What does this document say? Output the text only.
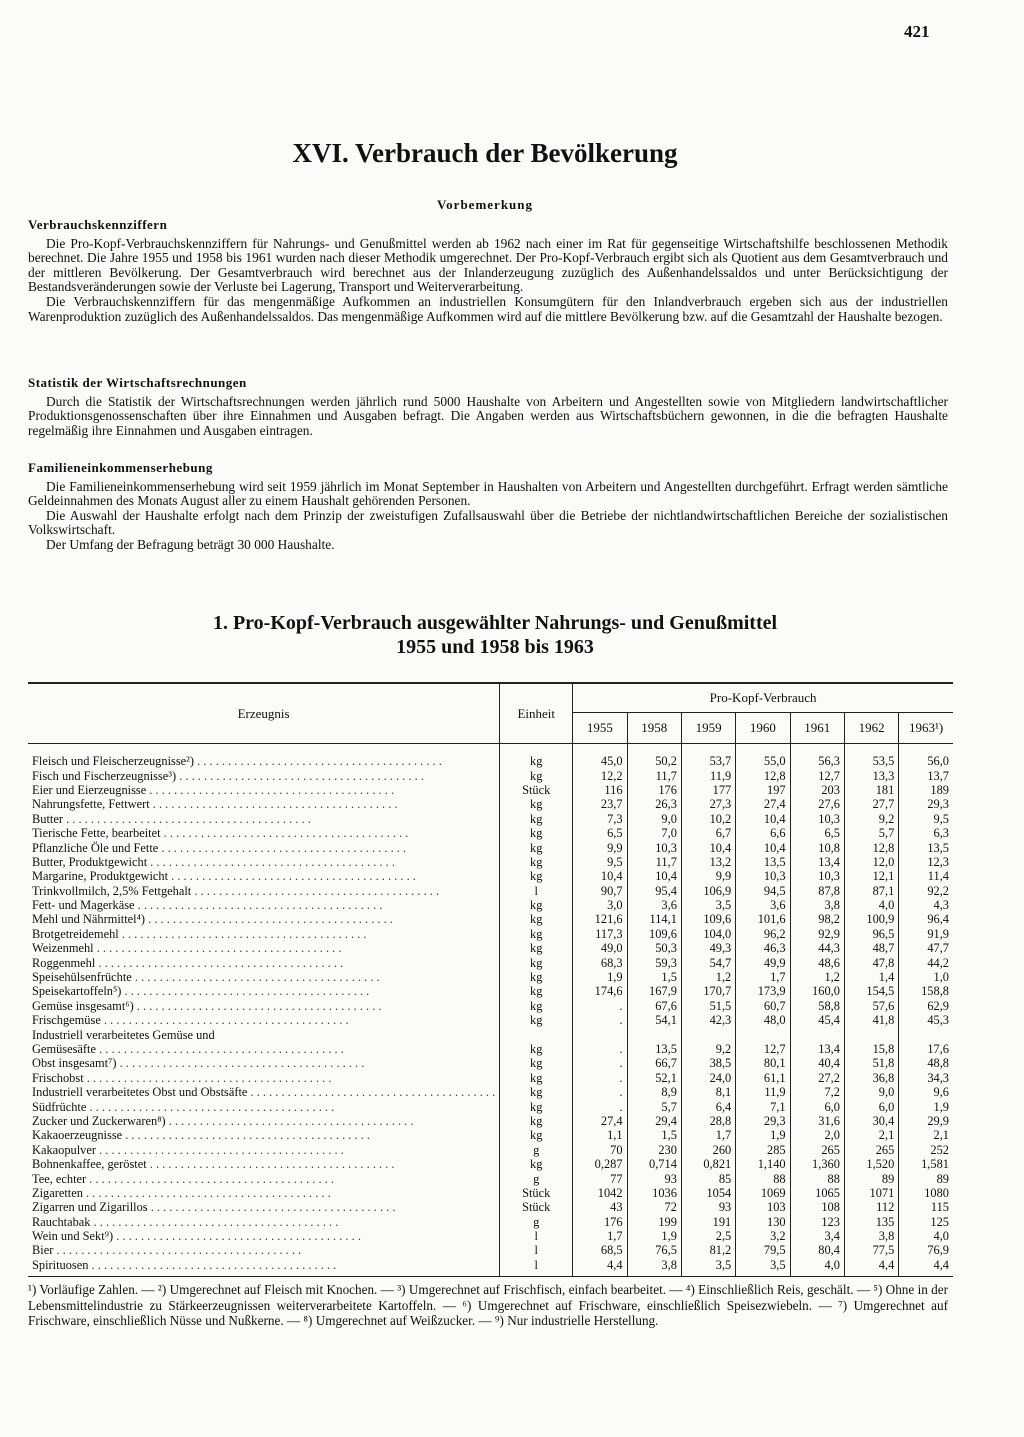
421
XVI. Verbrauch der Bevölkerung
Vorbemerkung
Verbrauchskennziffern

Die Pro-Kopf-Verbrauchskennziffern für Nahrungs- und Genußmittel werden ab 1962 nach einer im Rat für gegenseitige Wirtschaftshilfe beschlossenen Methodik berechnet. Die Jahre 1955 und 1958 bis 1961 wurden nach dieser Methodik umgerechnet. Der Pro-Kopf-Verbrauch ergibt sich als Quotient aus dem Gesamtverbrauch und der mittleren Bevölkerung. Der Gesamtverbrauch wird berechnet aus der Inlanderzeugung zuzüglich des Außenhandelssaldos und unter Berücksichtigung der Bestandsveränderungen sowie der Verluste bei Lagerung, Transport und Weiterverarbeitung.

Die Verbrauchskennziffern für das mengenmäßige Aufkommen an industriellen Konsumgütern für den Inlandverbrauch ergeben sich aus der industriellen Warenproduktion zuzüglich des Außenhandelssaldos. Das mengenmäßige Aufkommen wird auf die mittlere Bevölkerung bzw. auf die Gesamtzahl der Haushalte bezogen.

Statistik der Wirtschaftsrechnungen

Durch die Statistik der Wirtschaftsrechnungen werden jährlich rund 5000 Haushalte von Arbeitern und Angestellten sowie von Mitgliedern landwirtschaftlicher Produktionsgenossenschaften über ihre Einnahmen und Ausgaben befragt. Die Angaben werden aus Wirtschaftsbüchern gewonnen, in die die befragten Haushalte regelmäßig ihre Einnahmen und Ausgaben eintragen.

Familieneinkommenserhebung

Die Familieneinkommenserhebung wird seit 1959 jährlich im Monat September in Haushalten von Arbeitern und Angestellten durchgeführt. Erfragt werden sämtliche Geldeinnahmen des Monats August aller zu einem Haushalt gehörenden Personen.

Die Auswahl der Haushalte erfolgt nach dem Prinzip der zweistufigen Zufallsauswahl über die Betriebe der nichtlandwirtschaftlichen Bereiche der sozialistischen Volkswirtschaft.

Der Umfang der Befragung beträgt 30 000 Haushalte.

1. Pro-Kopf-Verbrauch ausgewählter Nahrungs- und Genußmittel
1955 und 1958 bis 1963
Erzeugnis	Einheit	Pro-Kopf-Verbrauch						
		1955	1958	1959	1960	1961	1962	1963¹)
Fleisch und Fleischerzeugnisse²) . . . . . . . . . . . . . . . . . . . . . . . . . . . . . . . . . . . . . . . .	kg	45,0	50,2	53,7	55,0	56,3	53,5	56,0
Fisch und Fischerzeugnisse³) . . . . . . . . . . . . . . . . . . . . . . . . . . . . . . . . . . . . . . . .	kg	12,2	11,7	11,9	12,8	12,7	13,3	13,7
Eier und Eierzeugnisse . . . . . . . . . . . . . . . . . . . . . . . . . . . . . . . . . . . . . . . .	Stück	116	176	177	197	203	181	189
Nahrungsfette, Fettwert . . . . . . . . . . . . . . . . . . . . . . . . . . . . . . . . . . . . . . . .	kg	23,7	26,3	27,3	27,4	27,6	27,7	29,3
Butter . . . . . . . . . . . . . . . . . . . . . . . . . . . . . . . . . . . . . . . .	kg	7,3	9,0	10,2	10,4	10,3	9,2	9,5
Tierische Fette, bearbeitet . . . . . . . . . . . . . . . . . . . . . . . . . . . . . . . . . . . . . . . .	kg	6,5	7,0	6,7	6,6	6,5	5,7	6,3
Pflanzliche Öle und Fette . . . . . . . . . . . . . . . . . . . . . . . . . . . . . . . . . . . . . . . .	kg	9,9	10,3	10,4	10,4	10,8	12,8	13,5
Butter, Produktgewicht . . . . . . . . . . . . . . . . . . . . . . . . . . . . . . . . . . . . . . . .	kg	9,5	11,7	13,2	13,5	13,4	12,0	12,3
Margarine, Produktgewicht . . . . . . . . . . . . . . . . . . . . . . . . . . . . . . . . . . . . . . . .	kg	10,4	10,4	9,9	10,3	10,3	12,1	11,4
Trinkvollmilch, 2,5% Fettgehalt . . . . . . . . . . . . . . . . . . . . . . . . . . . . . . . . . . . . . . . .	l	90,7	95,4	106,9	94,5	87,8	87,1	92,2
Fett- und Magerkäse . . . . . . . . . . . . . . . . . . . . . . . . . . . . . . . . . . . . . . . .	kg	3,0	3,6	3,5	3,6	3,8	4,0	4,3
Mehl und Nährmittel⁴) . . . . . . . . . . . . . . . . . . . . . . . . . . . . . . . . . . . . . . . .	kg	121,6	114,1	109,6	101,6	98,2	100,9	96,4
Brotgetreidemehl . . . . . . . . . . . . . . . . . . . . . . . . . . . . . . . . . . . . . . . .	kg	117,3	109,6	104,0	96,2	92,9	96,5	91,9
Weizenmehl . . . . . . . . . . . . . . . . . . . . . . . . . . . . . . . . . . . . . . . .	kg	49,0	50,3	49,3	46,3	44,3	48,7	47,7
Roggenmehl . . . . . . . . . . . . . . . . . . . . . . . . . . . . . . . . . . . . . . . .	kg	68,3	59,3	54,7	49,9	48,6	47,8	44,2
Speisehülsenfrüchte . . . . . . . . . . . . . . . . . . . . . . . . . . . . . . . . . . . . . . . .	kg	1,9	1,5	1,2	1,7	1,2	1,4	1,0
Speisekartoffeln⁵) . . . . . . . . . . . . . . . . . . . . . . . . . . . . . . . . . . . . . . . .	kg	174,6	167,9	170,7	173,9	160,0	154,5	158,8
Gemüse insgesamt⁶) . . . . . . . . . . . . . . . . . . . . . . . . . . . . . . . . . . . . . . . .	kg	.	67,6	51,5	60,7	58,8	57,6	62,9
Frischgemüse . . . . . . . . . . . . . . . . . . . . . . . . . . . . . . . . . . . . . . . .	kg	.	54,1	42,3	48,0	45,4	41,8	45,3
Industriell verarbeitetes Gemüse und								
Gemüsesäfte . . . . . . . . . . . . . . . . . . . . . . . . . . . . . . . . . . . . . . . .	kg	.	13,5	9,2	12,7	13,4	15,8	17,6
Obst insgesamt⁷) . . . . . . . . . . . . . . . . . . . . . . . . . . . . . . . . . . . . . . . .	kg	.	66,7	38,5	80,1	40,4	51,8	48,8
Frischobst . . . . . . . . . . . . . . . . . . . . . . . . . . . . . . . . . . . . . . . .	kg	.	52,1	24,0	61,1	27,2	36,8	34,3
Industriell verarbeitetes Obst und Obstsäfte . . . . . . . . . . . . . . . . . . . . . . . . . . . . . . . . . . . . . . . .	kg	.	8,9	8,1	11,9	7,2	9,0	9,6
Südfrüchte . . . . . . . . . . . . . . . . . . . . . . . . . . . . . . . . . . . . . . . .	kg	.	5,7	6,4	7,1	6,0	6,0	1,9
Zucker und Zuckerwaren⁸) . . . . . . . . . . . . . . . . . . . . . . . . . . . . . . . . . . . . . . . .	kg	27,4	29,4	28,8	29,3	31,6	30,4	29,9
Kakaoerzeugnisse . . . . . . . . . . . . . . . . . . . . . . . . . . . . . . . . . . . . . . . .	kg	1,1	1,5	1,7	1,9	2,0	2,1	2,1
Kakaopulver . . . . . . . . . . . . . . . . . . . . . . . . . . . . . . . . . . . . . . . .	g	70	230	260	285	265	265	252
Bohnenkaffee, geröstet . . . . . . . . . . . . . . . . . . . . . . . . . . . . . . . . . . . . . . . .	kg	0,287	0,714	0,821	1,140	1,360	1,520	1,581
Tee, echter . . . . . . . . . . . . . . . . . . . . . . . . . . . . . . . . . . . . . . . .	g	77	93	85	88	88	89	89
Zigaretten . . . . . . . . . . . . . . . . . . . . . . . . . . . . . . . . . . . . . . . .	Stück	1042	1036	1054	1069	1065	1071	1080
Zigarren und Zigarillos . . . . . . . . . . . . . . . . . . . . . . . . . . . . . . . . . . . . . . . .	Stück	43	72	93	103	108	112	115
Rauchtabak . . . . . . . . . . . . . . . . . . . . . . . . . . . . . . . . . . . . . . . .	g	176	199	191	130	123	135	125
Wein und Sekt⁹) . . . . . . . . . . . . . . . . . . . . . . . . . . . . . . . . . . . . . . . .	l	1,7	1,9	2,5	3,2	3,4	3,8	4,0
Bier . . . . . . . . . . . . . . . . . . . . . . . . . . . . . . . . . . . . . . . .	l	68,5	76,5	81,2	79,5	80,4	77,5	76,9
Spirituosen . . . . . . . . . . . . . . . . . . . . . . . . . . . . . . . . . . . . . . . .	l	4,4	3,8	3,5	3,5	4,0	4,4	4,4
¹) Vorläufige Zahlen. — ²) Umgerechnet auf Fleisch mit Knochen. — ³) Umgerechnet auf Frischfisch, einfach bearbeitet. — ⁴) Einschließlich Reis, geschält. — ⁵) Ohne in der Lebensmittelindustrie zu Stärkeerzeugnissen weiterverarbeitete Kartoffeln. — ⁶) Umgerechnet auf Frischware, einschließlich Speisezwiebeln. — ⁷) Umgerechnet auf Frischware, einschließlich Nüsse und Nußkerne. — ⁸) Umgerechnet auf Weißzucker. — ⁹) Nur industrielle Herstellung.
